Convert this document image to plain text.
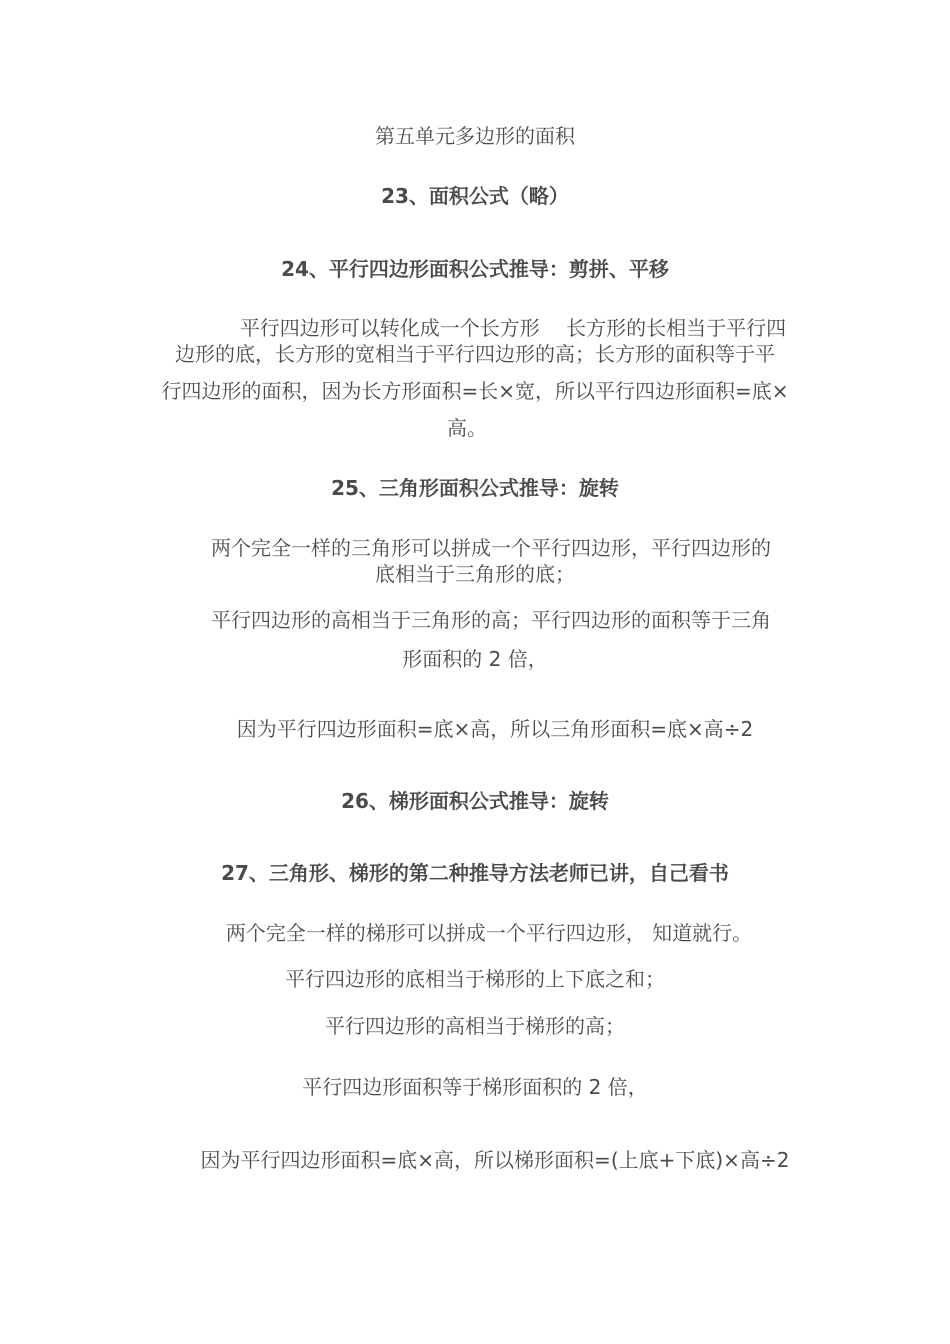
第五单元多边形的面积
23、面积公式（略）
24、平行四边形面积公式推导：剪拼、平移
平行四边形可以转化成一个长方形　 长方形的长相当于平行四
边形的底，长方形的宽相当于平行四边形的高；长方形的面积等于平
行四边形的面积，因为长方形面积=长×宽，所以平行四边形面积=底×
高。
25、三角形面积公式推导：旋转
两个完全一样的三角形可以拼成一个平行四边形，平行四边形的
底相当于三角形的底；
平行四边形的高相当于三角形的高；平行四边形的面积等于三角
形面积的 2 倍，
因为平行四边形面积=底×高，所以三角形面积=底×高÷2
26、梯形面积公式推导：旋转
27、三角形、梯形的第二种推导方法老师已讲，自己看书
两个完全一样的梯形可以拼成一个平行四边形， 知道就行。
平行四边形的底相当于梯形的上下底之和；
平行四边形的高相当于梯形的高；
平行四边形面积等于梯形面积的 2 倍，
因为平行四边形面积=底×高，所以梯形面积=(上底+下底)×高÷2
